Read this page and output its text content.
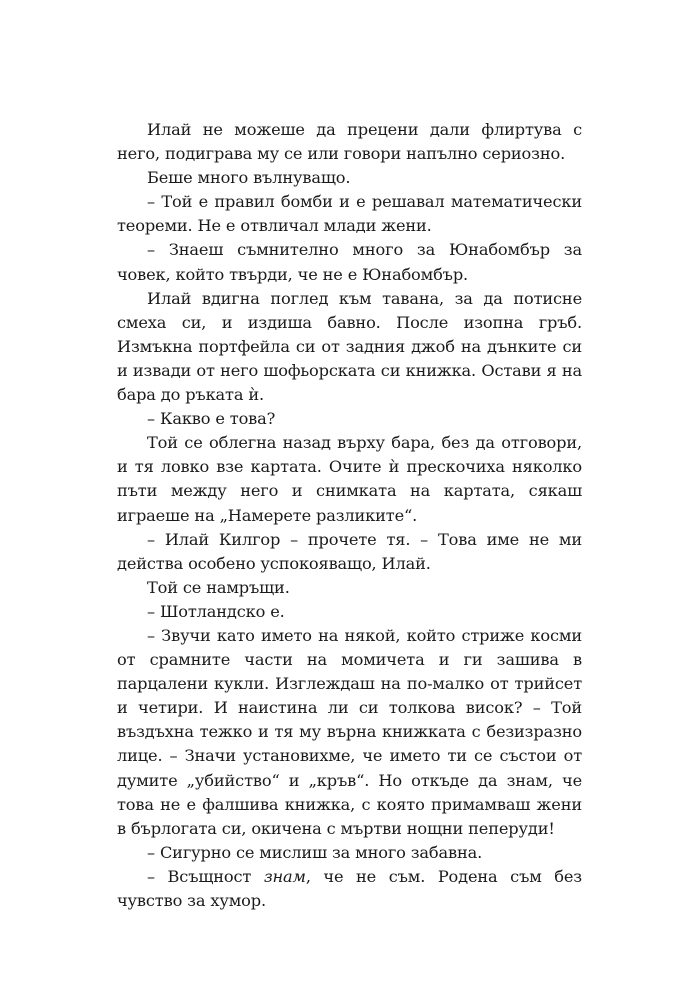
Илай не можеше да прецени дали флиртува с него, подиграва му се или говори напълно сериозно.

Беше много вълнуващо.

– Той е правил бомби и е решавал математически теореми. Не е отвличал млади жени.

– Знаеш съмнително много за Юнабомбър за човек, който твърди, че не е Юнабомбър.

Илай вдигна поглед към тавана, за да потисне смеха си, и издиша бавно. После изопна гръб. Измъкна портфейла си от задния джоб на дънките си и извади от него шофьорската си книжка. Остави я на бара до ръката ѝ.

– Какво е това?

Той се облегна назад върху бара, без да отговори, и тя ловко взе картата. Очите ѝ прескочиха няколко пъти между него и снимката на картата, сякаш играеше на „Намерете разликите“.

– Илай Килгор – прочете тя. – Това име не ми действа особено успокояващо, Илай.

Той се намръщи.

– Шотландско е.

– Звучи като името на някой, който стриже косми от срамните части на момичета и ги зашива в парцалени кукли. Изглеждаш на по-малко от трийсет и четири. И наистина ли си толкова висок? – Той въздъхна тежко и тя му върна книжката с безизразно лице. – Значи установихме, че името ти се състои от думите „убийство“ и „кръв“. Но откъде да знам, че това не е фалшива книжка, с която примамваш жени в бърлогата си, окичена с мъртви нощни пеперуди!

– Сигурно се мислиш за много забавна.

– Всъщност знам, че не съм. Родена съм без чувство за хумор.
